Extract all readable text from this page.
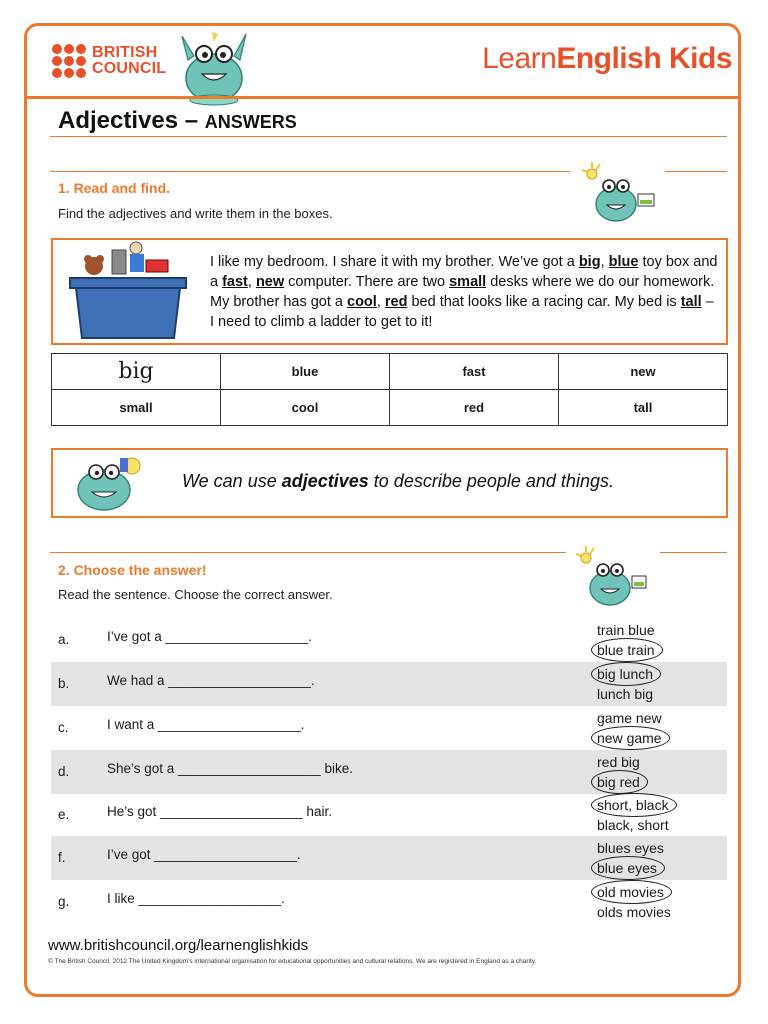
BRITISH
COUNCIL	LearnEnglish Kids
Adjectives – ANSWERS
1. Read and find.
Find the adjectives and write them in the boxes.
I like my bedroom. I share it with my brother. We’ve got a big, blue toy box and a fast, new computer. There are two small desks where we do our homework. My brother has got a cool, red bed that looks like a racing car. My bed is tall – I need to climb a ladder to get to it!
big	blue	fast	new
small	cool	red	tall
We can use adjectives to describe people and things.
2. Choose the answer!
Read the sentence. Choose the correct answer.
a.	I’ve got a ___________________.	train blue
blue train
b.	We had a ___________________.	big lunch
lunch big
c.	I want a ___________________.	game new
new game
d.	She’s got a ___________________ bike.	red big
big red
e.	He’s got ___________________ hair.	short, black
black, short
f.	I’ve got ___________________.	blues eyes
blue eyes
g.	I like ___________________.	old movies
olds movies
www.britishcouncil.org/learnenglishkids
© The British Council, 2012 The United Kingdom’s international organisation for educational opportunities and cultural relations. We are registered in England as a charity.
